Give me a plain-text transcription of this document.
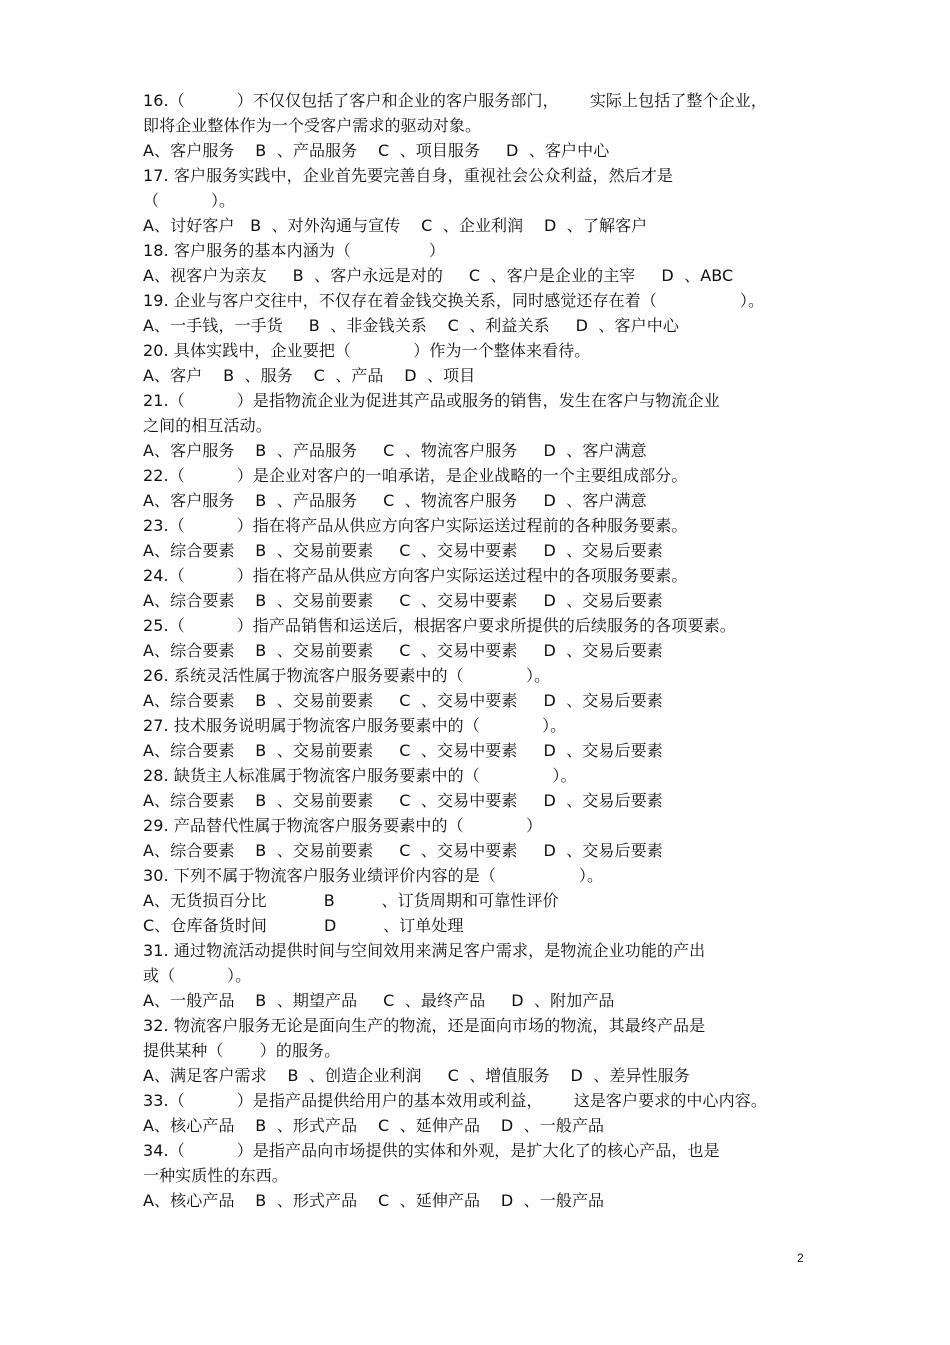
16.（          ）不仅仅包括了客户和企业的客户服务部门，      实际上包括了整个企业，
即将企业整体作为一个受客户需求的驱动对象。
A、客户服务    B  、产品服务    C  、项目服务     D  、客户中心
17. 客户服务实践中，企业首先要完善自身，重视社会公众利益，然后才是
（          ）。
A、讨好客户   B  、对外沟通与宣传    C  、企业利润    D  、了解客户
18. 客户服务的基本内涵为（               ）
A、视客户为亲友     B  、客户永远是对的     C  、客户是企业的主宰     D  、ABC
19. 企业与客户交往中，不仅存在着金钱交换关系，同时感觉还存在着（                ）。
A、一手钱，一手货     B  、非金钱关系    C  、利益关系     D  、客户中心
20. 具体实践中，企业要把（            ）作为一个整体来看待。
A、客户    B  、服务    C  、产品    D  、项目
21.（          ）是指物流企业为促进其产品或服务的销售，发生在客户与物流企业
之间的相互活动。
A、客户服务    B  、产品服务     C  、物流客户服务     D  、客户满意
22.（          ）是企业对客户的一咱承诺，是企业战略的一个主要组成部分。
A、客户服务    B  、产品服务     C  、物流客户服务     D  、客户满意
23.（          ）指在将产品从供应方向客户实际运送过程前的各种服务要素。
A、综合要素    B  、交易前要素     C  、交易中要素     D  、交易后要素
24.（          ）指在将产品从供应方向客户实际运送过程中的各项服务要素。
A、综合要素    B  、交易前要素     C  、交易中要素     D  、交易后要素
25.（          ）指产品销售和运送后，根据客户要求所提供的后续服务的各项要素。
A、综合要素    B  、交易前要素     C  、交易中要素     D  、交易后要素
26. 系统灵活性属于物流客户服务要素中的（            ）。
A、综合要素    B  、交易前要素     C  、交易中要素     D  、交易后要素
27. 技术服务说明属于物流客户服务要素中的（            ）。
A、综合要素    B  、交易前要素     C  、交易中要素     D  、交易后要素
28. 缺货主人标准属于物流客户服务要素中的（              ）。
A、综合要素    B  、交易前要素     C  、交易中要素     D  、交易后要素
29. 产品替代性属于物流客户服务要素中的（            ）
A、综合要素    B  、交易前要素     C  、交易中要素     D  、交易后要素
30. 下列不属于物流客户服务业绩评价内容的是（                ）。
A、无货损百分比           B         、订货周期和可靠性评价
C、仓库备货时间           D         、订单处理
31. 通过物流活动提供时间与空间效用来满足客户需求，是物流企业功能的产出
或（          ）。
A、一般产品    B  、期望产品     C  、最终产品     D  、附加产品
32. 物流客户服务无论是面向生产的物流，还是面向市场的物流，其最终产品是
提供某种（       ）的服务。
A、满足客户需求    B  、创造企业利润     C  、增值服务    D  、差异性服务
33.（          ）是指产品提供给用户的基本效用或利益，      这是客户要求的中心内容。
A、核心产品    B  、形式产品    C  、延伸产品    D  、一般产品
34.（          ）是指产品向市场提供的实体和外观，是扩大化了的核心产品，也是
一种实质性的东西。
A、核心产品    B  、形式产品    C  、延伸产品    D  、一般产品
2
